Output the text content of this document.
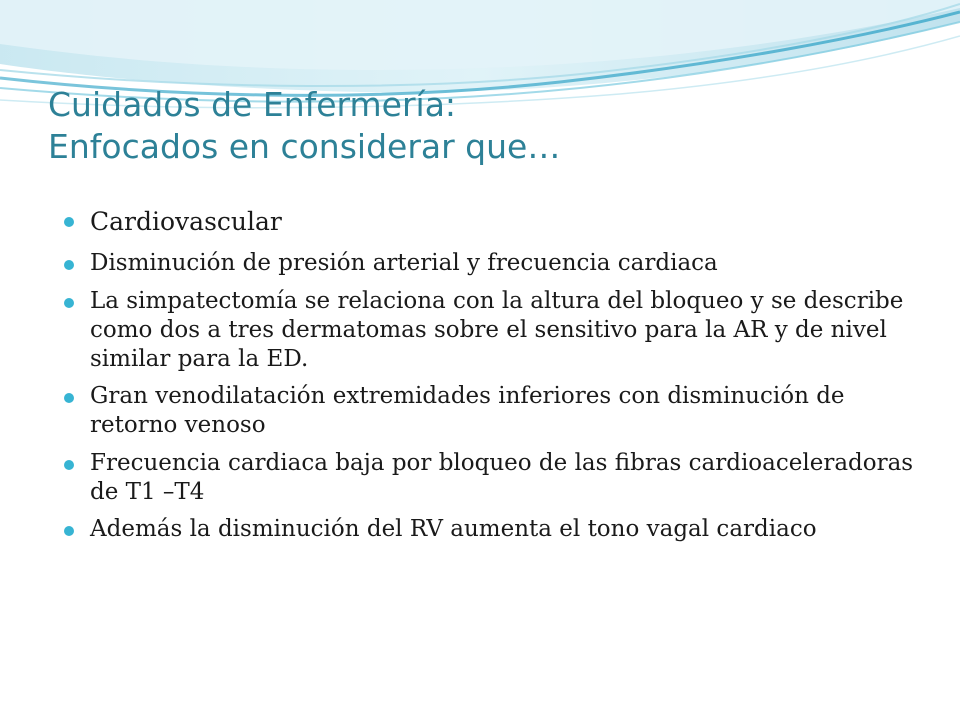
Cuidados de Enfermería:
Enfocados en considerar que…
Cardiovascular
Disminución de presión arterial y frecuencia cardiaca
La simpatectomía se relaciona con la altura del bloqueo y se describe como dos a tres dermatomas sobre el sensitivo para la AR y de nivel similar para la ED.
Gran venodilatación extremidades inferiores con disminución de retorno venoso
Frecuencia cardiaca baja por bloqueo de las fibras cardioaceleradoras de T1 –T4
Además la disminución del RV aumenta el tono vagal cardiaco
